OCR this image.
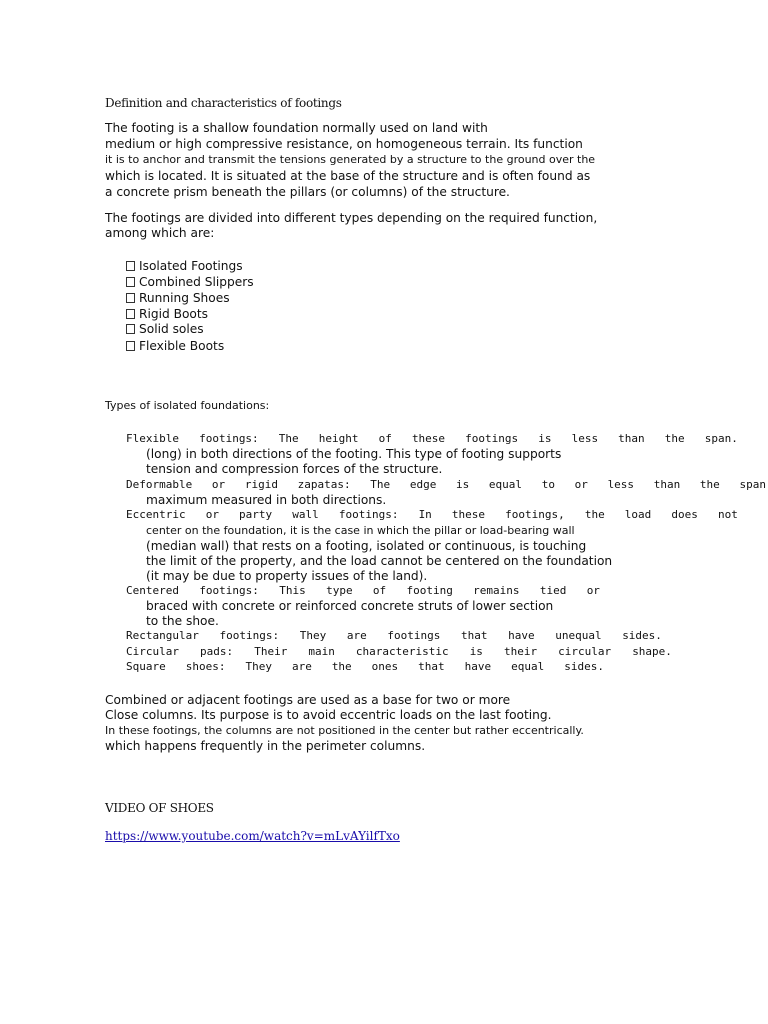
Definition and characteristics of footings

The footing is a shallow foundation normally used on land with

medium or high compressive resistance, on homogeneous terrain. Its function

it is to anchor and transmit the tensions generated by a structure to the ground over the

which is located. It is situated at the base of the structure and is often found as

a concrete prism beneath the pillars (or columns) of the structure.

The footings are divided into different types depending on the required function,

among which are:

Isolated Footings

Combined Slippers

Running Shoes

Rigid Boots

Solid soles

Flexible Boots

Types of isolated foundations:

Flexible footings: The height of these footings is less than the span.

(long) in both directions of the footing. This type of footing supports

tension and compression forces of the structure.

Deformable or rigid zapatas: The edge is equal to or less than the span

maximum measured in both directions.

Eccentric or party wall footings: In these footings, the load does not

center on the foundation, it is the case in which the pillar or load-bearing wall

(median wall) that rests on a footing, isolated or continuous, is touching

the limit of the property, and the load cannot be centered on the foundation

(it may be due to property issues of the land).

Centered footings: This type of footing remains tied or

braced with concrete or reinforced concrete struts of lower section

to the shoe.

Rectangular footings: They are footings that have unequal sides.

Circular pads: Their main characteristic is their circular shape.

Square shoes: They are the ones that have equal sides.

Combined or adjacent footings are used as a base for two or more

Close columns. Its purpose is to avoid eccentric loads on the last footing.

In these footings, the columns are not positioned in the center but rather eccentrically.

which happens frequently in the perimeter columns.

VIDEO OF SHOES

https://www.youtube.com/watch?v=mLvAYilfTxo
